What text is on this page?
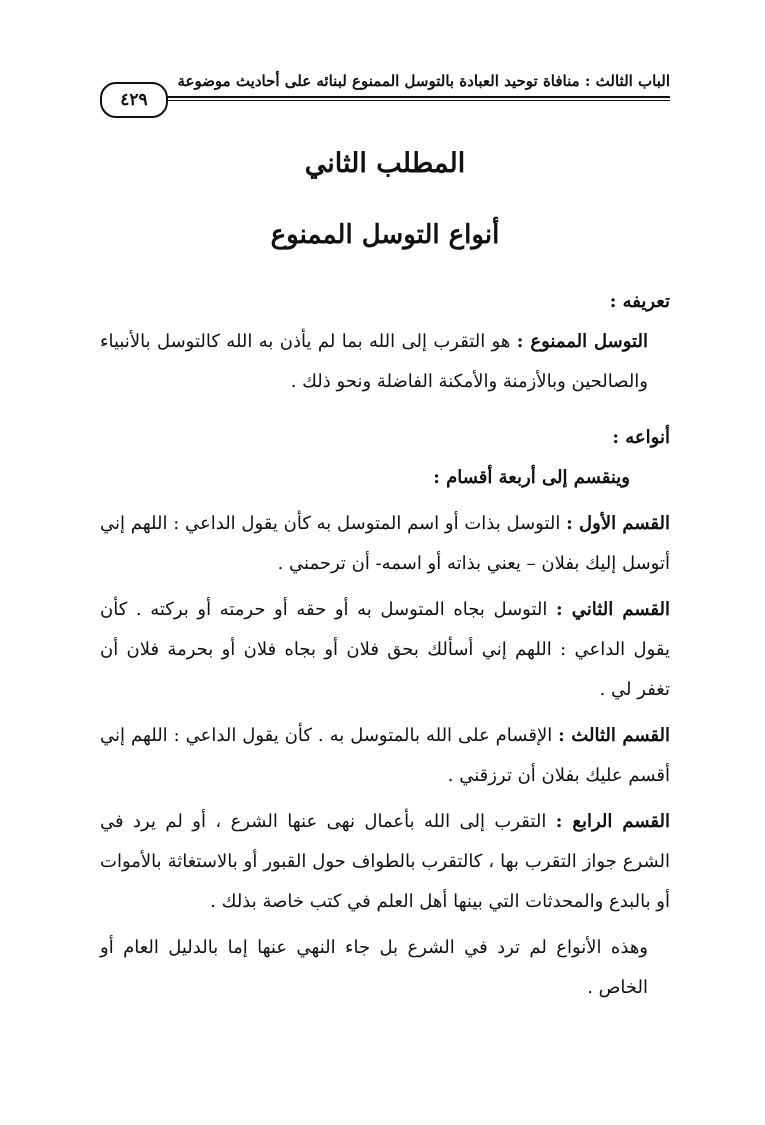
الباب الثالث : منافاة توحيد العبادة بالتوسل الممنوع لبنائه على أحاديث موضوعة
٤٢٩
المطلب الثاني
أنواع التوسل الممنوع

تعريفه :

التوسل الممنوع : هو التقرب إلى الله بما لم يأذن به الله كالتوسل بالأنبياء والصالحين وبالأزمنة والأمكنة الفاضلة ونحو ذلك .

أنواعه :

وينقسم إلى أربعة أقسام :

القسم الأول : التوسل بذات أو اسم المتوسل به كأن يقول الداعي : اللهم إني أتوسل إليك بفلان – يعني بذاته أو اسمه- أن ترحمني .

القسم الثاني : التوسل بجاه المتوسل به أو حقه أو حرمته أو بركته . كأن يقول الداعي : اللهم إني أسألك بحق فلان أو بجاه فلان أو بحرمة فلان أن تغفر لي .

القسم الثالث : الإقسام على الله بالمتوسل به . كأن يقول الداعي : اللهم إني أقسم عليك بفلان أن ترزقني .

القسم الرابع : التقرب إلى الله بأعمال نهى عنها الشرع ، أو لم يرد في الشرع جواز التقرب بها ، كالتقرب بالطواف حول القبور أو بالاستغاثة بالأموات أو بالبدع والمحدثات التي بينها أهل العلم في كتب خاصة بذلك .

وهذه الأنواع لم ترد في الشرع بل جاء النهي عنها إما بالدليل العام أو الخاص .
